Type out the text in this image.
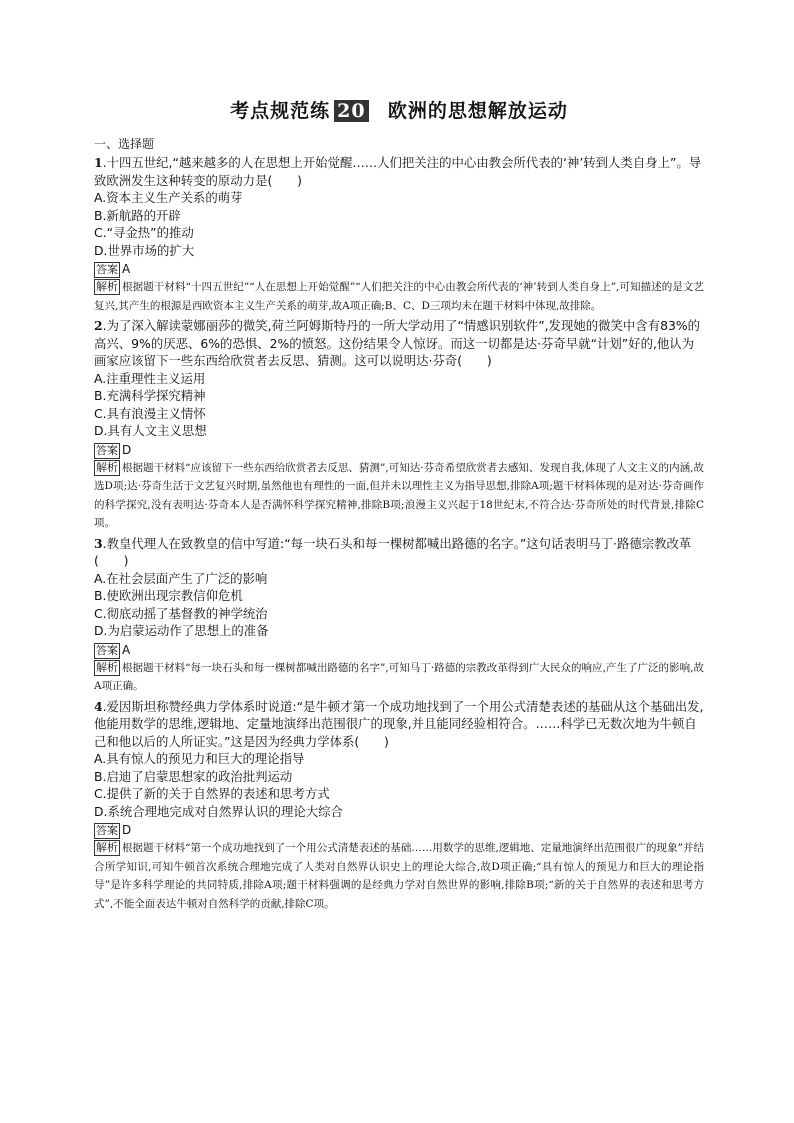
考点规范练 20 欧洲的思想解放运动
一、选择题

1.十四五世纪,“越来越多的人在思想上开始觉醒……人们把关注的中心由教会所代表的‘神’转到人类自身上”。导致欧洲发生这种转变的原动力是(　　)

A.资本主义生产关系的萌芽

B.新航路的开辟

C.“寻金热”的推动

D.世界市场的扩大

答案 A

解析 根据题干材料“十四五世纪”“人在思想上开始觉醒”“人们把关注的中心由教会所代表的‘神’转到人类自身上”,可知描述的是文艺复兴,其产生的根源是西欧资本主义生产关系的萌芽,故A项正确;B、C、D三项均未在题干材料中体现,故排除。

2.为了深入解读蒙娜丽莎的微笑,荷兰阿姆斯特丹的一所大学动用了“情感识别软件”,发现她的微笑中含有83%的高兴、9%的厌恶、6%的恐惧、2%的愤怒。这份结果令人惊讶。而这一切都是达·芬奇早就“计划”好的,他认为画家应该留下一些东西给欣赏者去反思、猜测。这可以说明达·芬奇(　　)

A.注重理性主义运用

B.充满科学探究精神

C.具有浪漫主义情怀

D.具有人文主义思想

答案 D

解析 根据题干材料“应该留下一些东西给欣赏者去反思、猜测”,可知达·芬奇希望欣赏者去感知、发现自我,体现了人文主义的内涵,故选D项;达·芬奇生活于文艺复兴时期,虽然他也有理性的一面,但并未以理性主义为指导思想,排除A项;题干材料体现的是对达·芬奇画作的科学探究,没有表明达·芬奇本人是否满怀科学探究精神,排除B项;浪漫主义兴起于18世纪末,不符合达·芬奇所处的时代背景,排除C项。

3.教皇代理人在致教皇的信中写道:“每一块石头和每一棵树都喊出路德的名字。”这句话表明马丁·路德宗教改革(　　)

A.在社会层面产生了广泛的影响

B.使欧洲出现宗教信仰危机

C.彻底动摇了基督教的神学统治

D.为启蒙运动作了思想上的准备

答案 A

解析 根据题干材料“每一块石头和每一棵树都喊出路德的名字”,可知马丁·路德的宗教改革得到广大民众的响应,产生了广泛的影响,故A项正确。

4.爱因斯坦称赞经典力学体系时说道:“是牛顿才第一个成功地找到了一个用公式清楚表述的基础从这个基础出发,他能用数学的思维,逻辑地、定量地演绎出范围很广的现象,并且能同经验相符合。……科学已无数次地为牛顿自己和他以后的人所证实。”这是因为经典力学体系(　　)

A.具有惊人的预见力和巨大的理论指导

B.启迪了启蒙思想家的政治批判运动

C.提供了新的关于自然界的表述和思考方式

D.系统合理地完成对自然界认识的理论大综合

答案 D

解析 根据题干材料“第一个成功地找到了一个用公式清楚表述的基础……用数学的思维,逻辑地、定量地演绎出范围很广的现象”并结合所学知识,可知牛顿首次系统合理地完成了人类对自然界认识史上的理论大综合,故D项正确;“具有惊人的预见力和巨大的理论指导”是许多科学理论的共同特质,排除A项;题干材料强调的是经典力学对自然世界的影响,排除B项;“新的关于自然界的表述和思考方式”,不能全面表达牛顿对自然科学的贡献,排除C项。
